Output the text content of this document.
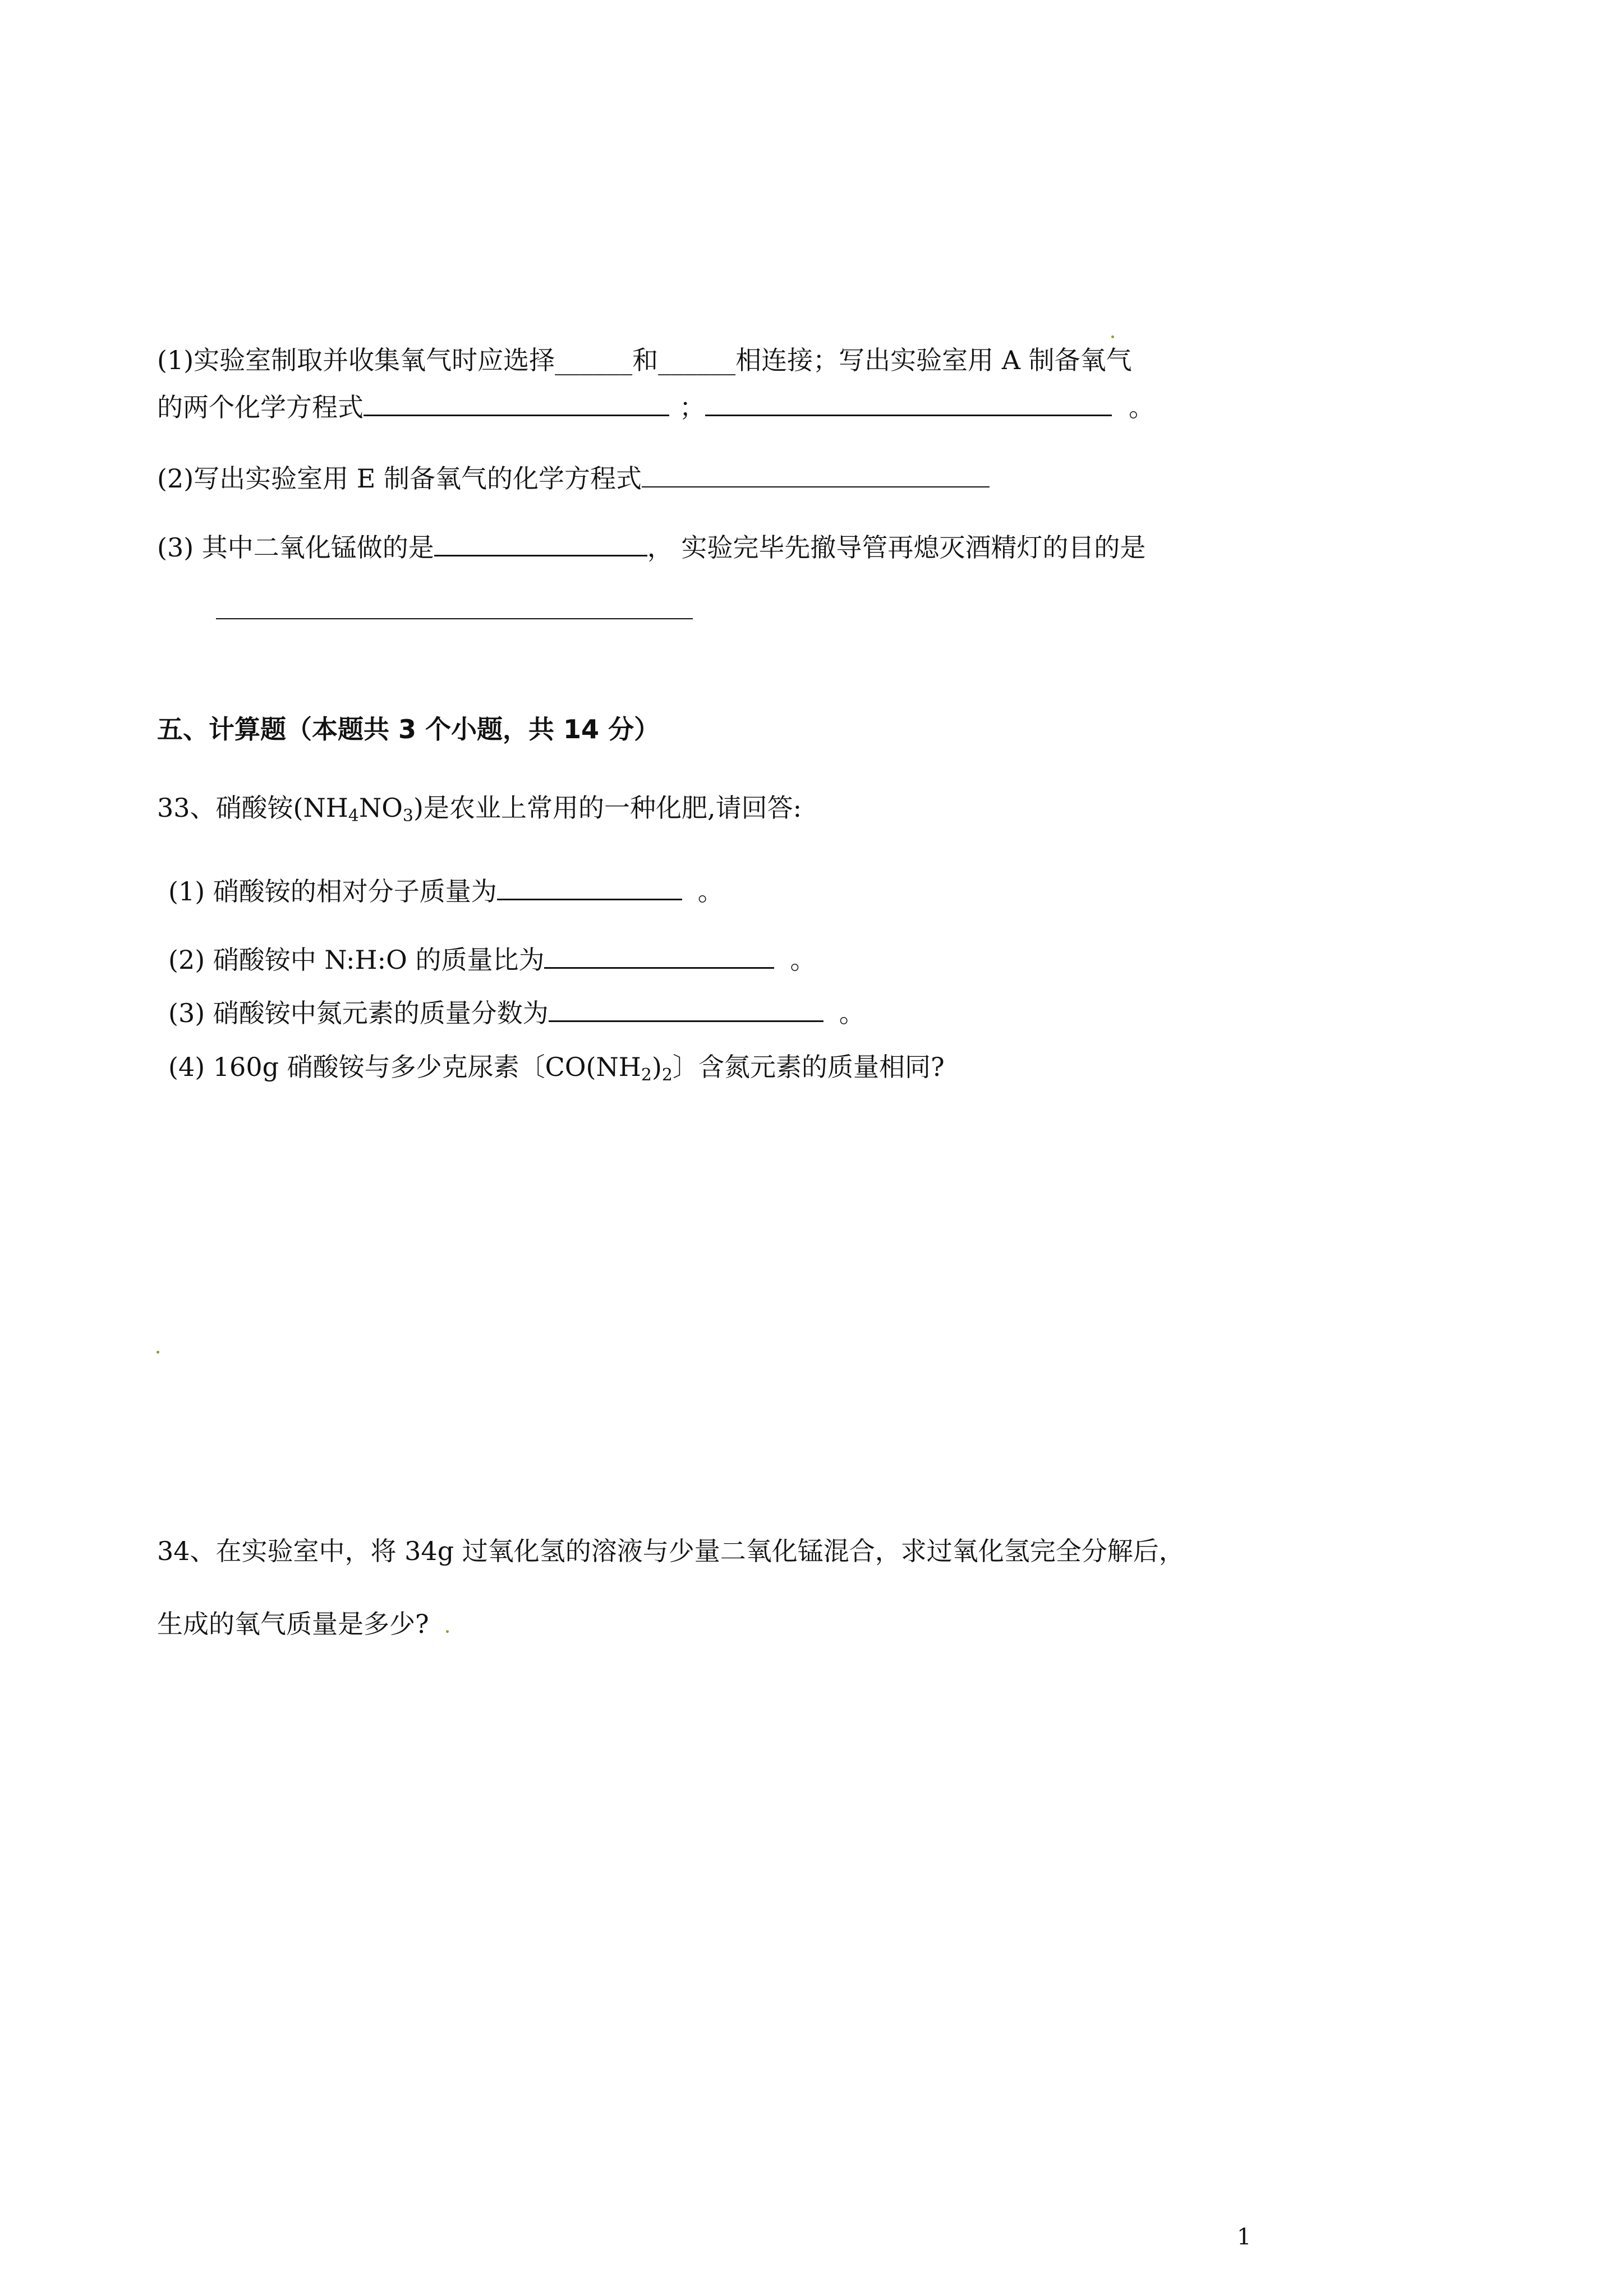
(1)实验室制取并收集氧气时应选择______和______相连接；写出实验室用 A 制备氧气
的两个化学方程式	；	。
(2)写出实验室用 E 制备氧气的化学方程式
(3) 其中二氧化锰做的是	， 实验完毕先撤导管再熄灭酒精灯的目的是
五、计算题（本题共 3 个小题，共 14 分）
33、硝酸铵$(NH_4NO_3)$是农业上常用的一种化肥,请回答:
(1) 硝酸铵的相对分子质量为	。
(2) 硝酸铵中 N:H:O 的质量比为	。
(3) 硝酸铵中氮元素的质量分数为	。
(4) 160g 硝酸铵与多少克尿素〔$CO(NH_2)_2$〕含氮元素的质量相同?
34、在实验室中，将 34g 过氧化氢的溶液与少量二氧化锰混合，求过氧化氢完全分解后，
生成的氧气质量是多少?
1
